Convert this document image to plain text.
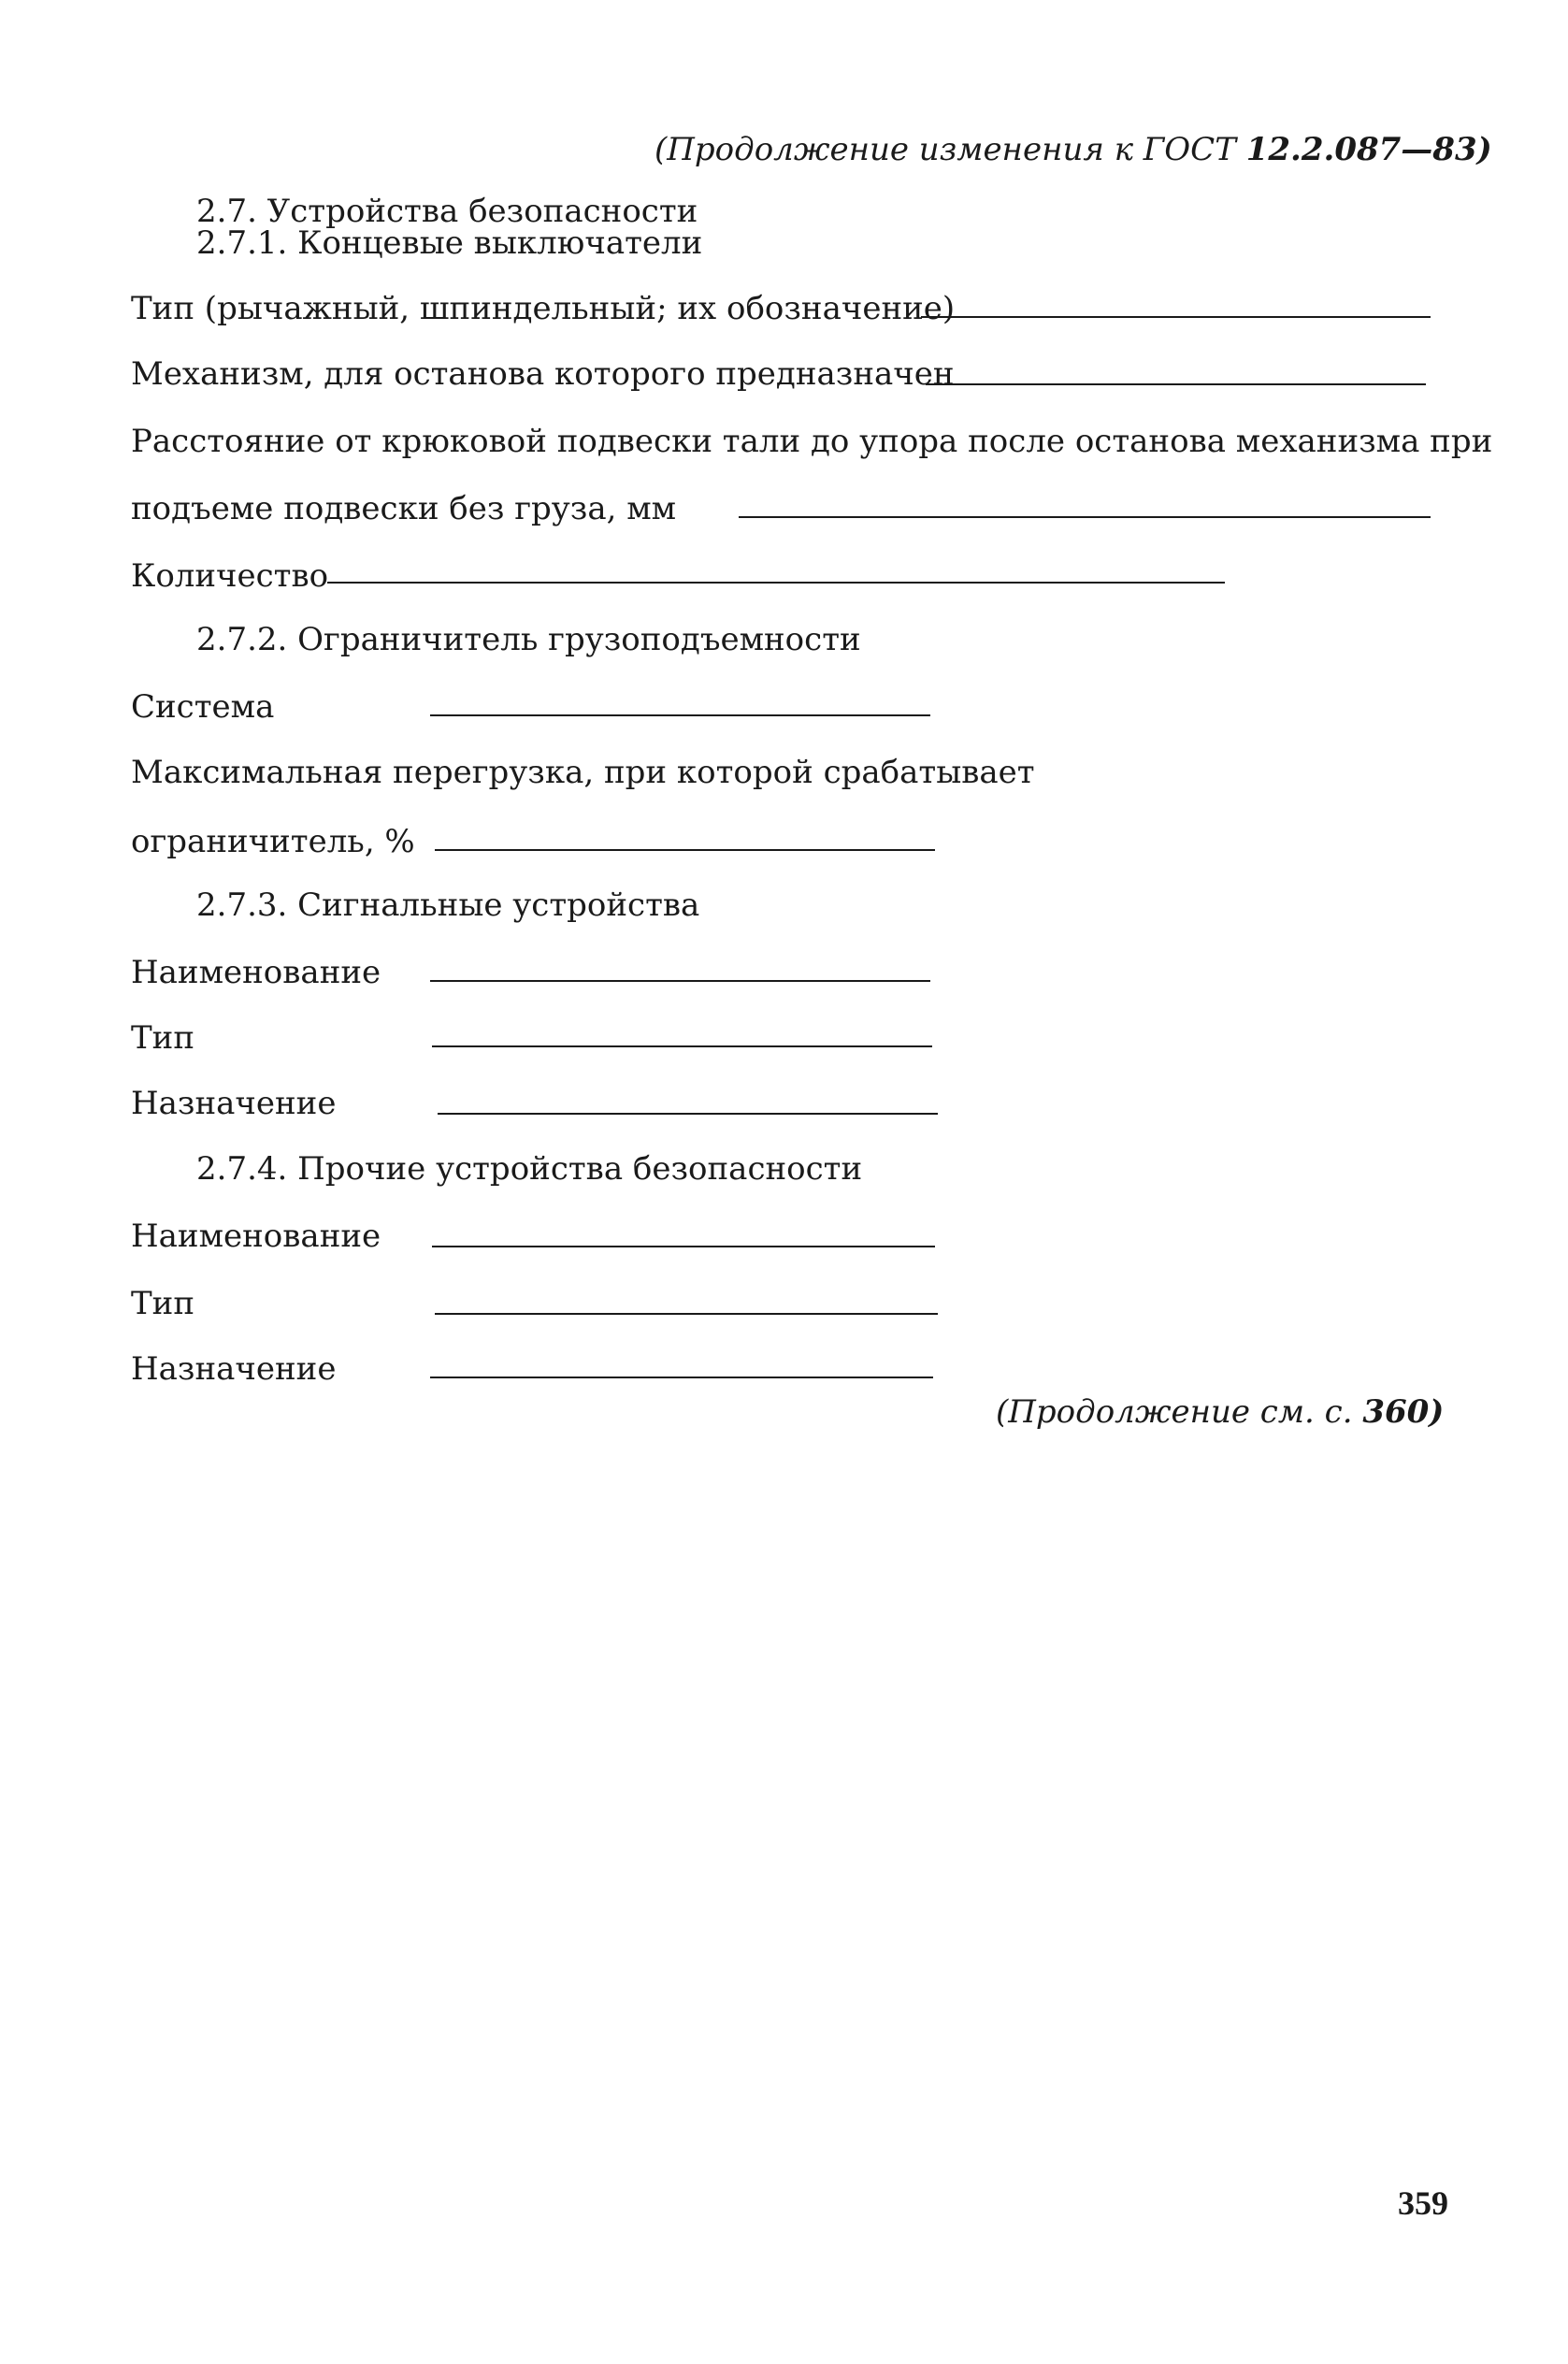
(Продолжение изменения к ГОСТ 12.2.087—83)
2.7. Устройства безопасности
2.7.1. Концевые выключатели
Тип (рычажный, шпиндельный; их обозначение)
Механизм, для останова которого предназначен
Расстояние от крюковой подвески тали до упора после останова механизма при
подъеме подвески без груза, мм
Количество
2.7.2. Ограничитель грузоподъемности
Система
Максимальная перегрузка, при которой срабатывает
ограничитель, %
2.7.3. Сигнальные устройства
Наименование
Тип
Назначение
2.7.4. Прочие устройства безопасности
Наименование
Тип
Назначение
(Продолжение см. с. 360)
359
